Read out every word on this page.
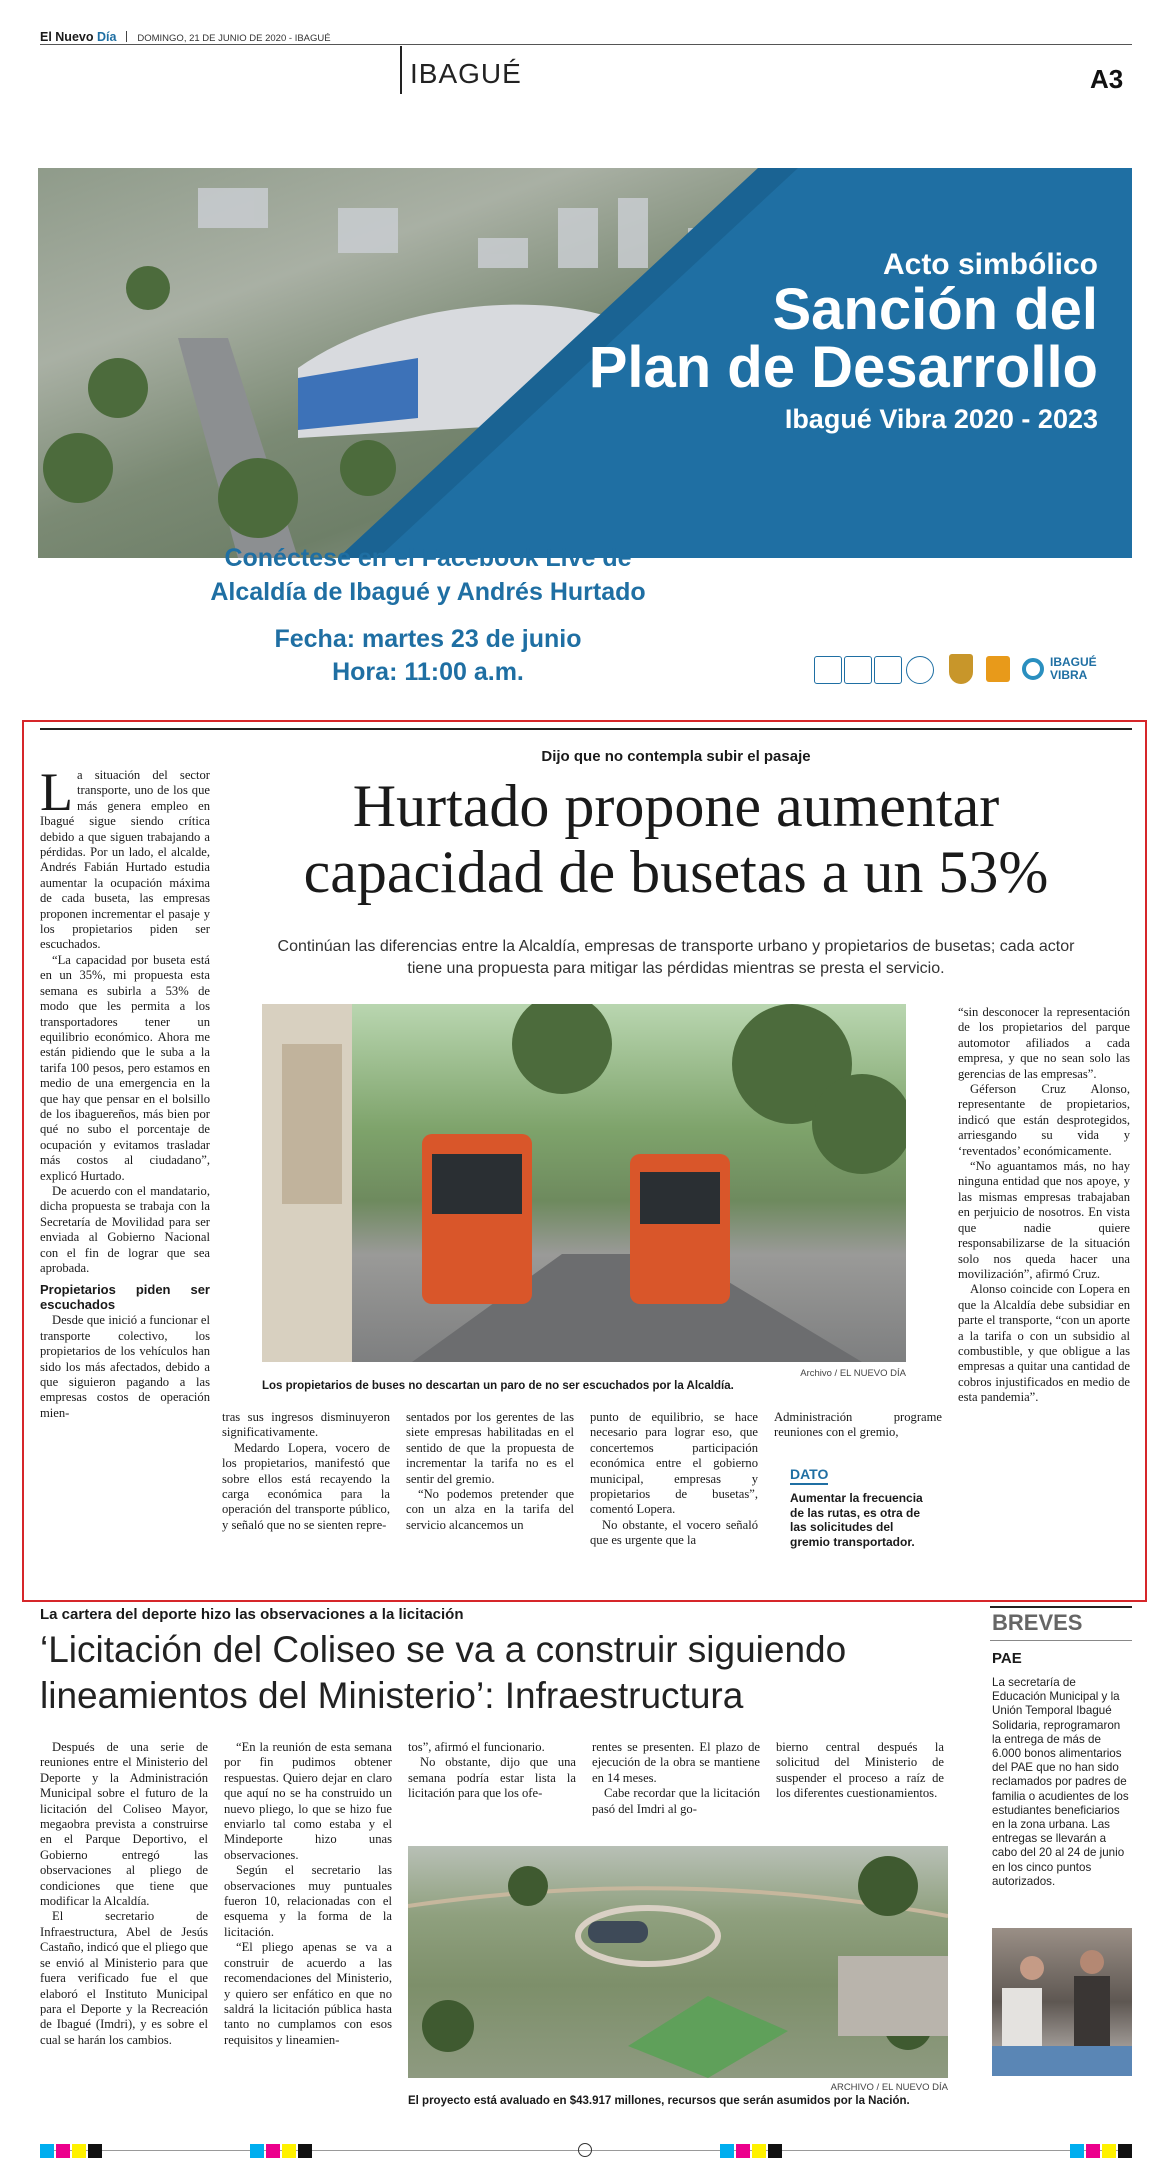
El Nuevo Día DOMINGO, 21 DE JUNIO DE 2020 - IBAGUÉ
IBAGUÉ	A3
Acto simbólico
Sanción del
Plan de Desarrollo
Ibagué Vibra 2020 - 2023
Conéctese en el Facebook Live de
Alcaldía de Ibagué y Andrés Hurtado
Fecha: martes 23 de junio
Hora: 11:00 a.m.	IBAGUÉ VIBRA
Dijo que no contempla subir el pasaje
Hurtado propone aumentar
capacidad de busetas a un 53%
Continúan las diferencias entre la Alcaldía, empresas de transporte urbano y propietarios de busetas; cada actor
tiene una propuesta para mitigar las pérdidas mientras se presta el servicio.
L a situación del sector transporte, uno de los que más genera empleo en Ibagué sigue siendo crítica debido a que siguen trabajando a pérdidas. Por un lado, el alcalde, Andrés Fabián Hurtado estudia aumentar la ocupación máxima de cada buseta, las empresas proponen incrementar el pasaje y los propietarios piden ser escuchados.

“La capacidad por buseta está en un 35%, mi propuesta esta semana es subirla a 53% de modo que les permita a los transportadores tener un equilibrio económico. Ahora me están pidiendo que le suba a la tarifa 100 pesos, pero estamos en medio de una emergencia en la que hay que pensar en el bolsillo de los ibaguereños, más bien por qué no subo el porcentaje de ocupación y evitamos trasladar más costos al ciudadano”, explicó Hurtado.

De acuerdo con el mandatario, dicha propuesta se trabaja con la Secretaría de Movilidad para ser enviada al Gobierno Nacional con el fin de lograr que sea aprobada.

Propietarios piden ser escuchados

Desde que inició a funcionar el transporte colectivo, los propietarios de los vehículos han sido los más afectados, debido a que siguieron pagando a las empresas costos de operación mien-

Archivo / EL NUEVO DÍA
Los propietarios de buses no descartan un paro de no ser escuchados por la Alcaldía.

tras sus ingresos disminuyeron significativamente.

Medardo Lopera, vocero de los propietarios, manifestó que sobre ellos está recayendo la carga económica para la operación del transporte público, y señaló que no se sienten repre-

sentados por los gerentes de las siete empresas habilitadas en el sentido de que la propuesta de incrementar la tarifa no es el sentir del gremio.

“No podemos pretender que con un alza en la tarifa del servicio alcancemos un

punto de equilibrio, se hace necesario para lograr eso, que concertemos participación económica entre el gobierno municipal, empresas y propietarios de busetas”, comentó Lopera.

No obstante, el vocero señaló que es urgente que la

Administración programe reuniones con el gremio,

DATO
Aumentar la frecuencia de las rutas, es otra de las solicitudes del gremio transportador.

“sin desconocer la representación de los propietarios del parque automotor afiliados a cada empresa, y que no sean solo las gerencias de las empresas”.

Géferson Cruz Alonso, representante de propietarios, indicó que están desprotegidos, arriesgando su vida y ‘reventados’ económicamente.

“No aguantamos más, no hay ninguna entidad que nos apoye, y las mismas empresas trabajaban en perjuicio de nosotros. En vista que nadie quiere responsabilizarse de la situación solo nos queda hacer una movilización”, afirmó Cruz.

Alonso coincide con Lopera en que la Alcaldía debe subsidiar en parte el transporte, “con un aporte a la tarifa o con un subsidio al combustible, y que obligue a las empresas a quitar una cantidad de cobros injustificados en medio de esta pandemia”.

La cartera del deporte hizo las observaciones a la licitación
‘Licitación del Coliseo se va a construir siguiendo
lineamientos del Ministerio’: Infraestructura

Después de una serie de reuniones entre el Ministerio del Deporte y la Administración Municipal sobre el futuro de la licitación del Coliseo Mayor, megaobra prevista a construirse en el Parque Deportivo, el Gobierno entregó las observaciones al pliego de condiciones que tiene que modificar la Alcaldía.

El secretario de Infraestructura, Abel de Jesús Castaño, indicó que el pliego que se envió al Ministerio para que fuera verificado fue el que elaboró el Instituto Municipal para el Deporte y la Recreación de Ibagué (Imdri), y es sobre el cual se harán los cambios.

“En la reunión de esta semana por fin pudimos obtener respuestas. Quiero dejar en claro que aquí no se ha construido un nuevo pliego, lo que se hizo fue enviarlo tal como estaba y el Mindeporte hizo unas observaciones.

Según el secretario las observaciones muy puntuales fueron 10, relacionadas con el esquema y la forma de la licitación.

“El pliego apenas se va a construir de acuerdo a las recomendaciones del Ministerio, y quiero ser enfático en que no saldrá la licitación pública hasta tanto no cumplamos con esos requisitos y lineamien-

tos”, afirmó el funcionario.

No obstante, dijo que una semana podría estar lista la licitación para que los ofe-

rentes se presenten. El plazo de ejecución de la obra se mantiene en 14 meses.

Cabe recordar que la licitación pasó del Imdri al go-

bierno central después la solicitud del Ministerio de suspender el proceso a raíz de los diferentes cuestionamientos.

ARCHIVO / EL NUEVO DÍA
El proyecto está avaluado en $43.917 millones, recursos que serán asumidos por la Nación.
BREVES
PAE
La secretaría de Educación Municipal y la Unión Temporal Ibagué Solidaria, reprogramaron la entrega de más de 6.000 bonos alimentarios del PAE que no han sido reclamados por padres de familia o acudientes de los estudiantes beneficiarios en la zona urbana. Las entregas se llevarán a cabo del 20 al 24 de junio en los cinco puntos autorizados.
